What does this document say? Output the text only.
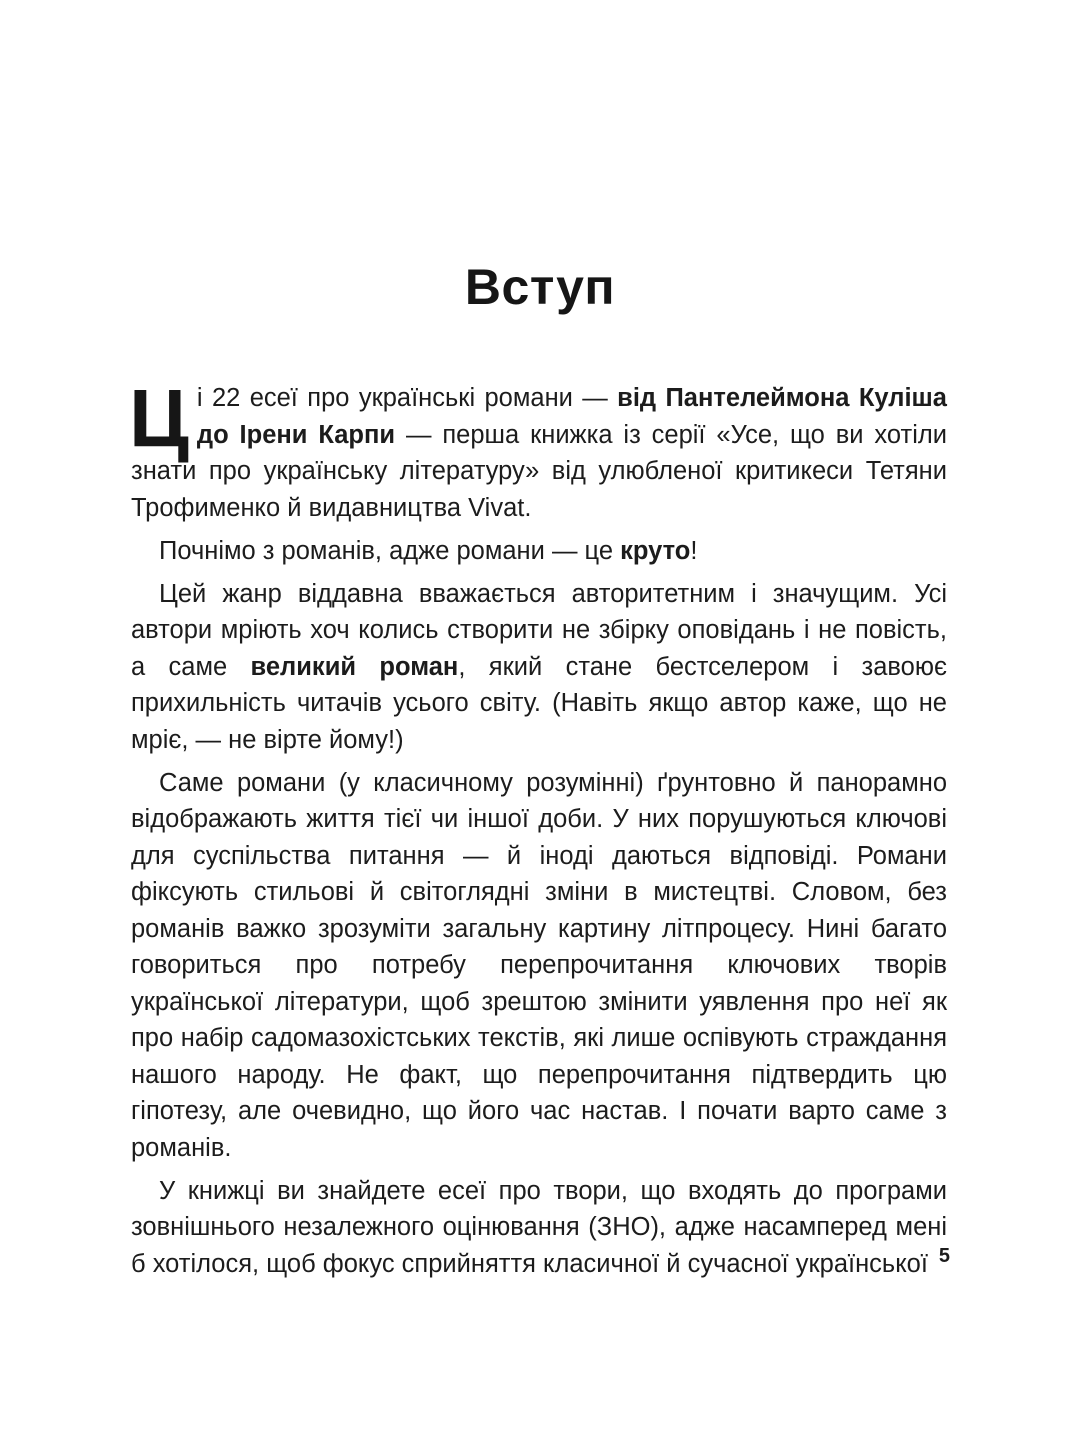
Вступ

Ці 22 есеї про українські романи — від Пантелеймона Куліша до Ірени Карпи — перша книжка із серії «Усе, що ви хотіли знати про українську літературу» від улюбленої критикеси Тетяни Трофименко й видавництва Vivat.

Почнімо з романів, адже романи — це круто!

Цей жанр віддавна вважається авторитетним і значущим. Усі автори мріють хоч колись створити не збірку оповідань і не повість, а саме великий роман, який стане бестселером і завоює прихильність читачів усього світу. (Навіть якщо автор каже, що не мріє, — не вірте йому!)

Саме романи (у класичному розумінні) ґрунтовно й панорамно відображають життя тієї чи іншої доби. У них порушуються ключові для суспільства питання — й іноді даються відповіді. Романи фіксують стильові й світоглядні зміни в мистецтві. Словом, без романів важко зрозуміти загальну картину літпроцесу. Нині багато говориться про потребу перепрочитання ключових творів української літератури, щоб зрештою змінити уявлення про неї як про набір садомазохістських текстів, які лише оспівують страждання нашого народу. Не факт, що перепрочитання підтвердить цю гіпотезу, але очевидно, що його час настав. І почати варто саме з романів.

У книжці ви знайдете есеї про твори, що входять до програми зовнішнього незалежного оцінювання (ЗНО), адже насамперед мені б хотілося, щоб фокус сприйняття класичної й сучасної української 5
